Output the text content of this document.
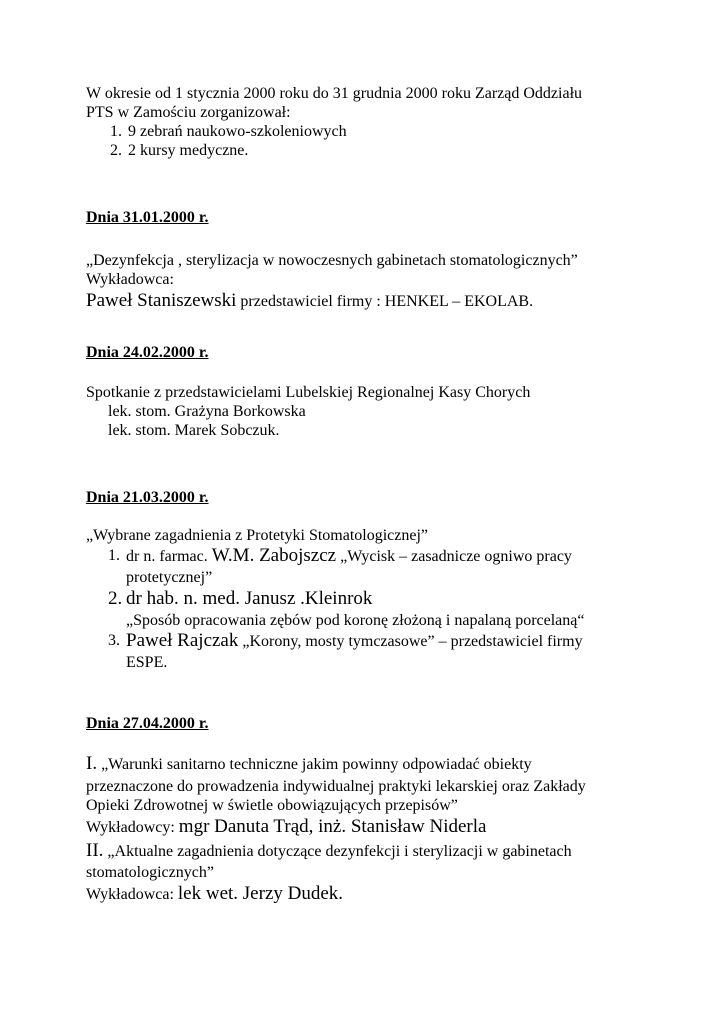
W okresie od 1 stycznia 2000 roku do 31 grudnia 2000 roku Zarząd Oddziału

PTS w Zamościu zorganizował:

1. 9 zebrań naukowo-szkoleniowych
2. 2 kursy medyczne.

Dnia 31.01.2000 r.

„Dezynfekcja , sterylizacja w nowoczesnych gabinetach stomatologicznych”

Wykładowca:

Paweł Staniszewski przedstawiciel firmy : HENKEL – EKOLAB.

Dnia 24.02.2000 r.

Spotkanie z przedstawicielami Lubelskiej Regionalnej Kasy Chorych

lek. stom. Grażyna Borkowska

lek. stom. Marek Sobczuk.

Dnia 21.03.2000 r.

„Wybrane zagadnienia z Protetyki Stomatologicznej”

1. dr n. farmac. W.M. Zabojszcz „Wycisk – zasadnicze ogniwo pracy

protetycznej”

2. dr hab. n. med. Janusz .Kleinrok

„Sposób opracowania zębów pod koronę złożoną i napalaną porcelaną“

3. Paweł Rajczak „Korony, mosty tymczasowe” – przedstawiciel firmy

ESPE.

Dnia 27.04.2000 r.

I. „Warunki sanitarno techniczne jakim powinny odpowiadać obiekty

przeznaczone do prowadzenia indywidualnej praktyki lekarskiej oraz Zakłady

Opieki Zdrowotnej w świetle obowiązujących przepisów”

Wykładowcy: mgr Danuta Trąd, inż. Stanisław Niderla

II. „Aktualne zagadnienia dotyczące dezynfekcji i sterylizacji w gabinetach

stomatologicznych”

Wykładowca: lek wet. Jerzy Dudek.
